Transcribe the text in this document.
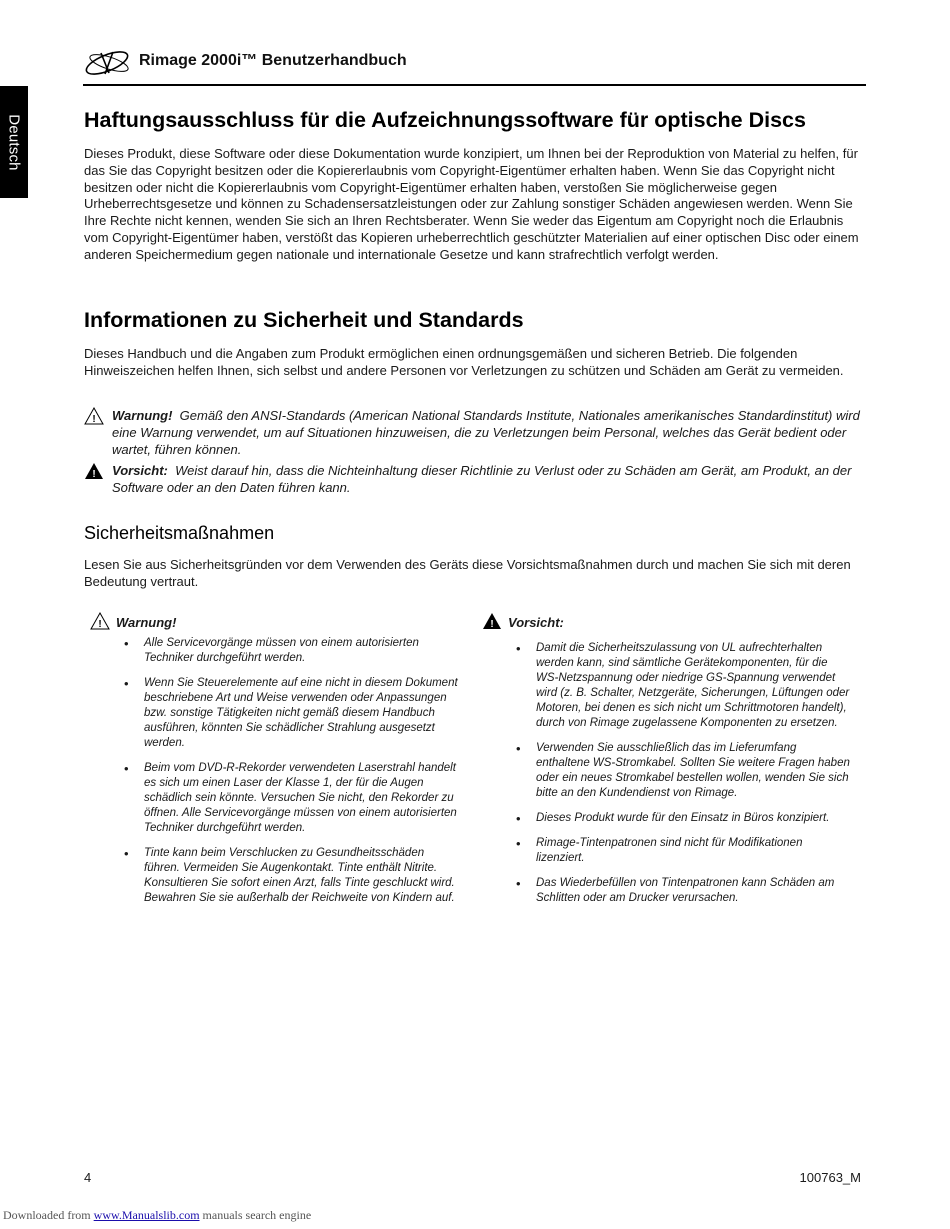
Deutsch
Rimage 2000i™ Benutzerhandbuch
Haftungsausschluss für die Aufzeichnungssoftware für optische Discs

Dieses Produkt, diese Software oder diese Dokumentation wurde konzipiert, um Ihnen bei der Reproduktion von Material zu helfen, für das Sie das Copyright besitzen oder die Kopiererlaubnis vom Copyright-Eigentümer erhalten haben. Wenn Sie das Copyright nicht besitzen oder nicht die Kopiererlaubnis vom Copyright-Eigentümer erhalten haben, verstoßen Sie möglicherweise gegen Urheberrechtsgesetze und können zu Schadensersatzleistungen oder zur Zahlung sonstiger Schäden angewiesen werden. Wenn Sie Ihre Rechte nicht kennen, wenden Sie sich an Ihren Rechtsberater. Wenn Sie weder das Eigentum am Copyright noch die Erlaubnis vom Copyright-Eigentümer haben, verstößt das Kopieren urheberrechtlich geschützter Materialien auf einer optischen Disc oder einem anderen Speichermedium gegen nationale und internationale Gesetze und kann strafrechtlich verfolgt werden.

Informationen zu Sicherheit und Standards

Dieses Handbuch und die Angaben zum Produkt ermöglichen einen ordnungsgemäßen und sicheren Betrieb. Die folgenden Hinweiszeichen helfen Ihnen, sich selbst und andere Personen vor Verletzungen zu schützen und Schäden am Gerät zu vermeiden.

! Warnung! Gemäß den ANSI-Standards (American National Standards Institute, Nationales amerikanisches Standardinstitut) wird eine Warnung verwendet, um auf Situationen hinzuweisen, die zu Verletzungen beim Personal, welches das Gerät bedient oder wartet, führen können.

! Vorsicht: Weist darauf hin, dass die Nichteinhaltung dieser Richtlinie zu Verlust oder zu Schäden am Gerät, am Produkt, an der Software oder an den Daten führen kann.

Sicherheitsmaßnahmen

Lesen Sie aus Sicherheitsgründen vor dem Verwenden des Geräts diese Vorsichtsmaßnahmen durch und machen Sie sich mit deren Bedeutung vertraut.

! Warnung!
• Alle Servicevorgänge müssen von einem autorisierten Techniker durchgeführt werden.
• Wenn Sie Steuerelemente auf eine nicht in diesem Dokument beschriebene Art und Weise verwenden oder Anpassungen bzw. sonstige Tätigkeiten nicht gemäß diesem Handbuch ausführen, könnten Sie schädlicher Strahlung ausgesetzt werden.
• Beim vom DVD-R-Rekorder verwendeten Laserstrahl handelt es sich um einen Laser der Klasse 1, der für die Augen schädlich sein könnte. Versuchen Sie nicht, den Rekorder zu öffnen. Alle Servicevorgänge müssen von einem autorisierten Techniker durchgeführt werden.
• Tinte kann beim Verschlucken zu Gesundheitsschäden führen. Vermeiden Sie Augenkontakt. Tinte enthält Nitrite. Konsultieren Sie sofort einen Arzt, falls Tinte geschluckt wird. Bewahren Sie sie außerhalb der Reichweite von Kindern auf.
! Vorsicht:
• Damit die Sicherheitszulassung von UL aufrechterhalten werden kann, sind sämtliche Gerätekomponenten, für die WS-Netzspannung oder niedrige GS-Spannung verwendet wird (z. B. Schalter, Netzgeräte, Sicherungen, Lüftungen oder Motoren, bei denen es sich nicht um Schrittmotoren handelt), durch von Rimage zugelassene Komponenten zu ersetzen.
• Verwenden Sie ausschließlich das im Lieferumfang enthaltene WS-Stromkabel. Sollten Sie weitere Fragen haben oder ein neues Stromkabel bestellen wollen, wenden Sie sich bitte an den Kundendienst von Rimage.
• Dieses Produkt wurde für den Einsatz in Büros konzipiert.
• Rimage-Tintenpatronen sind nicht für Modifikationen lizenziert.
• Das Wiederbefüllen von Tintenpatronen kann Schäden am Schlitten oder am Drucker verursachen.
4	100763_M
Downloaded from www.Manualslib.com manuals search engine
